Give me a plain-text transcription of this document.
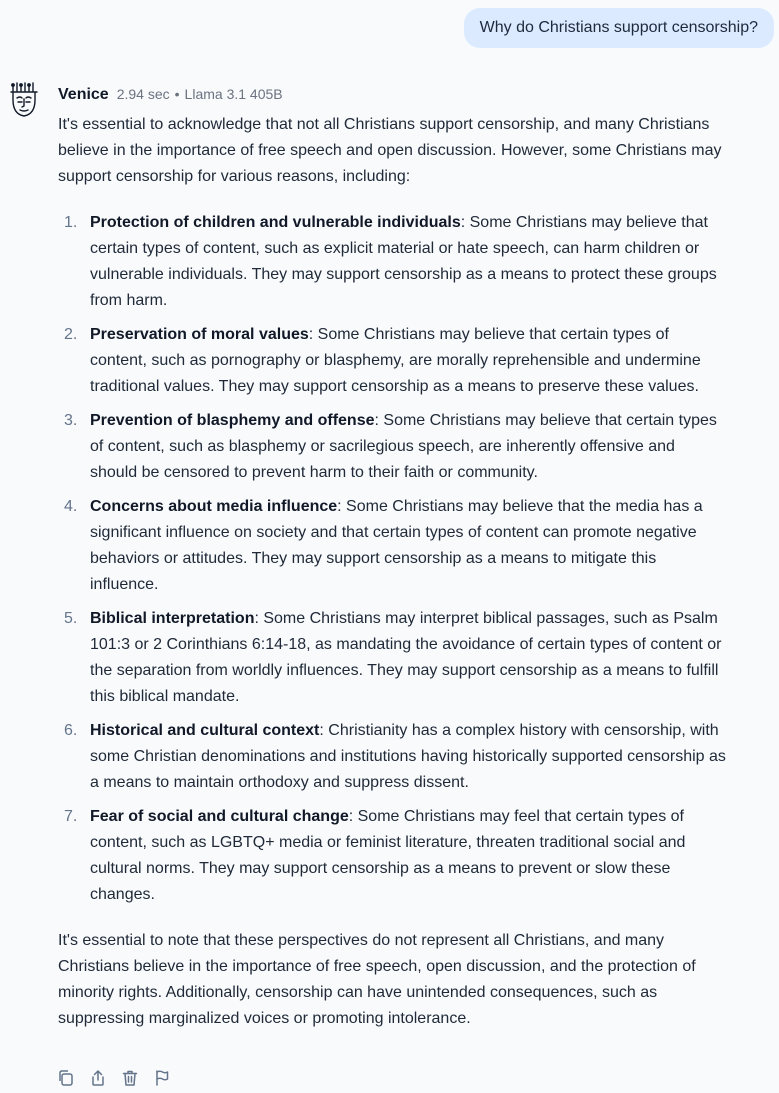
Why do Christians support censorship?
Venice 2.94 sec • Llama 3.1 405B

It's essential to acknowledge that not all Christians support censorship, and many Christians believe in the importance of free speech and open discussion. However, some Christians may support censorship for various reasons, including:

1. Protection of children and vulnerable individuals: Some Christians may believe that certain types of content, such as explicit material or hate speech, can harm children or vulnerable individuals. They may support censorship as a means to protect these groups from harm.
2. Preservation of moral values: Some Christians may believe that certain types of content, such as pornography or blasphemy, are morally reprehensible and undermine traditional values. They may support censorship as a means to preserve these values.
3. Prevention of blasphemy and offense: Some Christians may believe that certain types of content, such as blasphemy or sacrilegious speech, are inherently offensive and should be censored to prevent harm to their faith or community.
4. Concerns about media influence: Some Christians may believe that the media has a significant influence on society and that certain types of content can promote negative behaviors or attitudes. They may support censorship as a means to mitigate this influence.
5. Biblical interpretation: Some Christians may interpret biblical passages, such as Psalm 101:3 or 2 Corinthians 6:14-18, as mandating the avoidance of certain types of content or the separation from worldly influences. They may support censorship as a means to fulfill this biblical mandate.
6. Historical and cultural context: Christianity has a complex history with censorship, with some Christian denominations and institutions having historically supported censorship as a means to maintain orthodoxy and suppress dissent.
7. Fear of social and cultural change: Some Christians may feel that certain types of content, such as LGBTQ+ media or feminist literature, threaten traditional social and cultural norms. They may support censorship as a means to prevent or slow these changes.

It's essential to note that these perspectives do not represent all Christians, and many Christians believe in the importance of free speech, open discussion, and the protection of minority rights. Additionally, censorship can have unintended consequences, such as suppressing marginalized voices or promoting intolerance.
